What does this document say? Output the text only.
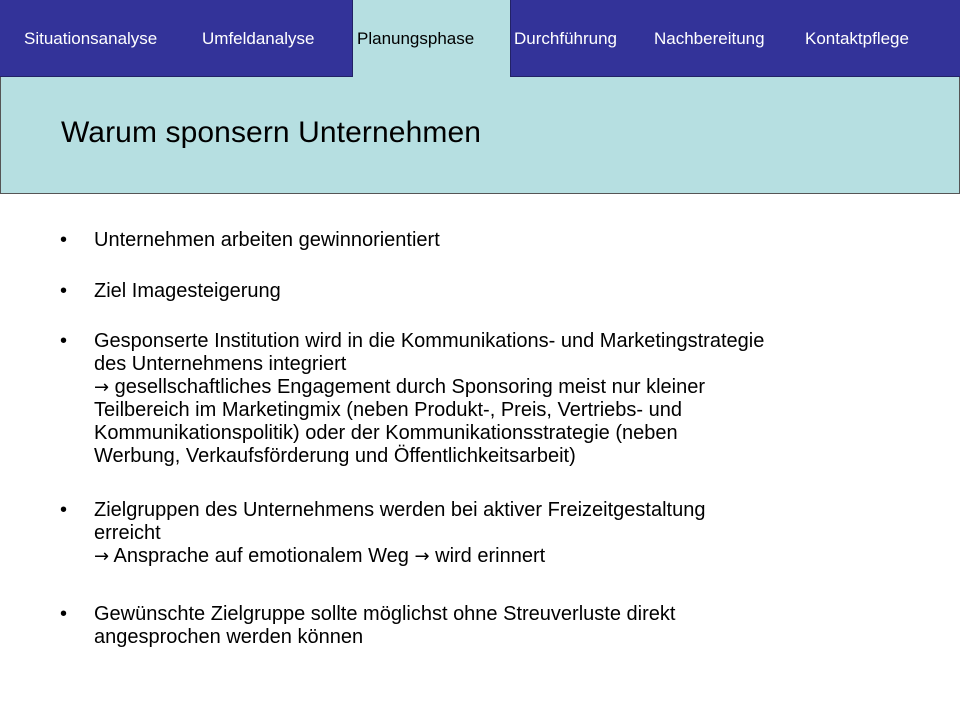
Situationsanalyse	Umfeldanalyse	Planungsphase Durchführung Nachbereitung Kontaktpflege
Warum sponsern Unternehmen
• Unternehmen arbeiten gewinnorientiert
• Ziel Imagesteigerung
• Gesponserte Institution wird in die Kommunikations- und Marketingstrategie
des Unternehmens integriert
→ gesellschaftliches Engagement durch Sponsoring meist nur kleiner
Teilbereich im Marketingmix (neben Produkt-, Preis, Vertriebs- und
Kommunikationspolitik) oder der Kommunikationsstrategie (neben
Werbung, Verkaufsförderung und Öffentlichkeitsarbeit)
• Zielgruppen des Unternehmens werden bei aktiver Freizeitgestaltung
erreicht
→ Ansprache auf emotionalem Weg → wird erinnert
• Gewünschte Zielgruppe sollte möglichst ohne Streuverluste direkt
angesprochen werden können
